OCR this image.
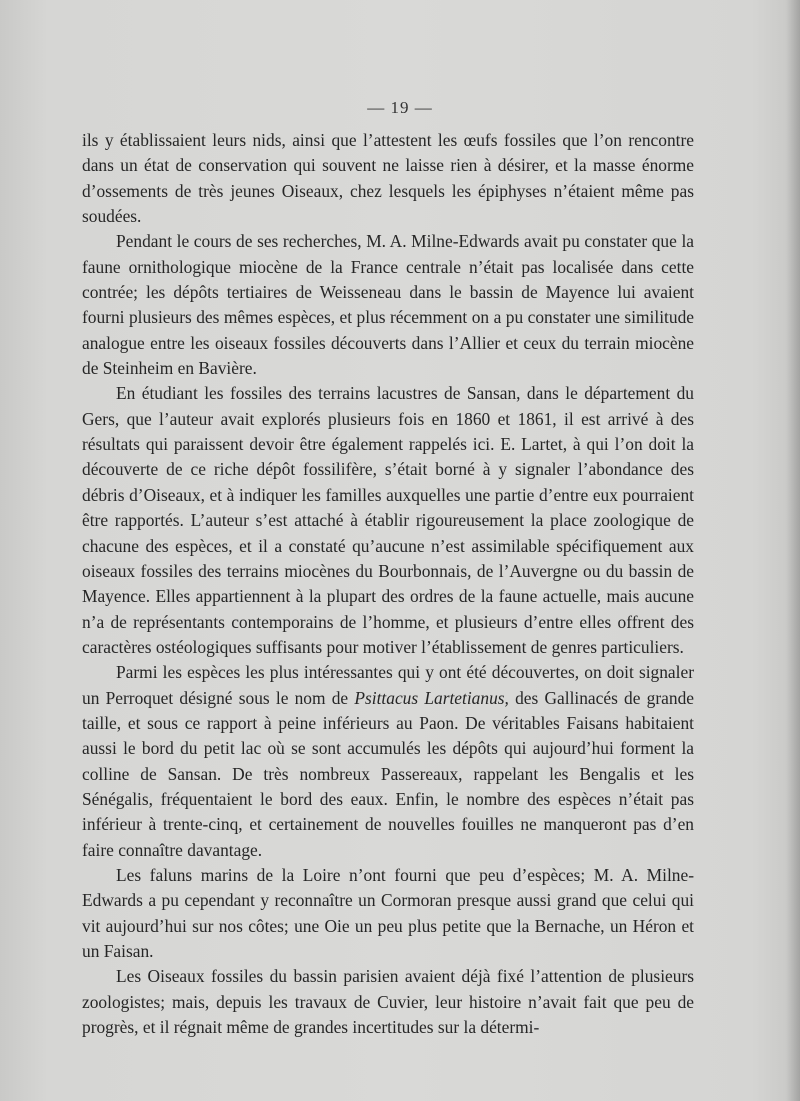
— 19 —

ils y établissaient leurs nids, ainsi que l’attestent les œufs fossiles que l’on rencontre dans un état de conservation qui souvent ne laisse rien à désirer, et la masse énorme d’ossements de très jeunes Oiseaux, chez lesquels les épiphyses n’étaient même pas soudées.

Pendant le cours de ses recherches, M. A. Milne-Edwards avait pu constater que la faune ornithologique miocène de la France centrale n’était pas localisée dans cette contrée; les dépôts tertiaires de Weisseneau dans le bassin de Mayence lui avaient fourni plusieurs des mêmes espèces, et plus récemment on a pu constater une similitude analogue entre les oiseaux fossiles découverts dans l’Allier et ceux du terrain miocène de Steinheim en Bavière.

En étudiant les fossiles des terrains lacustres de Sansan, dans le département du Gers, que l’auteur avait explorés plusieurs fois en 1860 et 1861, il est arrivé à des résultats qui paraissent devoir être également rappelés ici. E. Lartet, à qui l’on doit la découverte de ce riche dépôt fossilifère, s’était borné à y signaler l’abondance des débris d’Oiseaux, et à indiquer les familles auxquelles une partie d’entre eux pourraient être rapportés. L’auteur s’est attaché à établir rigoureusement la place zoologique de chacune des espèces, et il a constaté qu’aucune n’est assimilable spécifiquement aux oiseaux fossiles des terrains miocènes du Bourbonnais, de l’Auvergne ou du bassin de Mayence. Elles appartiennent à la plupart des ordres de la faune actuelle, mais aucune n’a de représentants contemporains de l’homme, et plusieurs d’entre elles offrent des caractères ostéologiques suffisants pour motiver l’établissement de genres particuliers.

Parmi les espèces les plus intéressantes qui y ont été découvertes, on doit signaler un Perroquet désigné sous le nom de Psittacus Lartetianus, des Gallinacés de grande taille, et sous ce rapport à peine inférieurs au Paon. De véritables Faisans habitaient aussi le bord du petit lac où se sont accumulés les dépôts qui aujourd’hui forment la colline de Sansan. De très nombreux Passereaux, rappelant les Bengalis et les Sénégalis, fréquentaient le bord des eaux. Enfin, le nombre des espèces n’était pas inférieur à trente-cinq, et certainement de nouvelles fouilles ne manqueront pas d’en faire connaître davantage.

Les faluns marins de la Loire n’ont fourni que peu d’espèces; M. A. Milne-Edwards a pu cependant y reconnaître un Cormoran presque aussi grand que celui qui vit aujourd’hui sur nos côtes; une Oie un peu plus petite que la Bernache, un Héron et un Faisan.

Les Oiseaux fossiles du bassin parisien avaient déjà fixé l’attention de plusieurs zoologistes; mais, depuis les travaux de Cuvier, leur histoire n’avait fait que peu de progrès, et il régnait même de grandes incertitudes sur la détermi-
